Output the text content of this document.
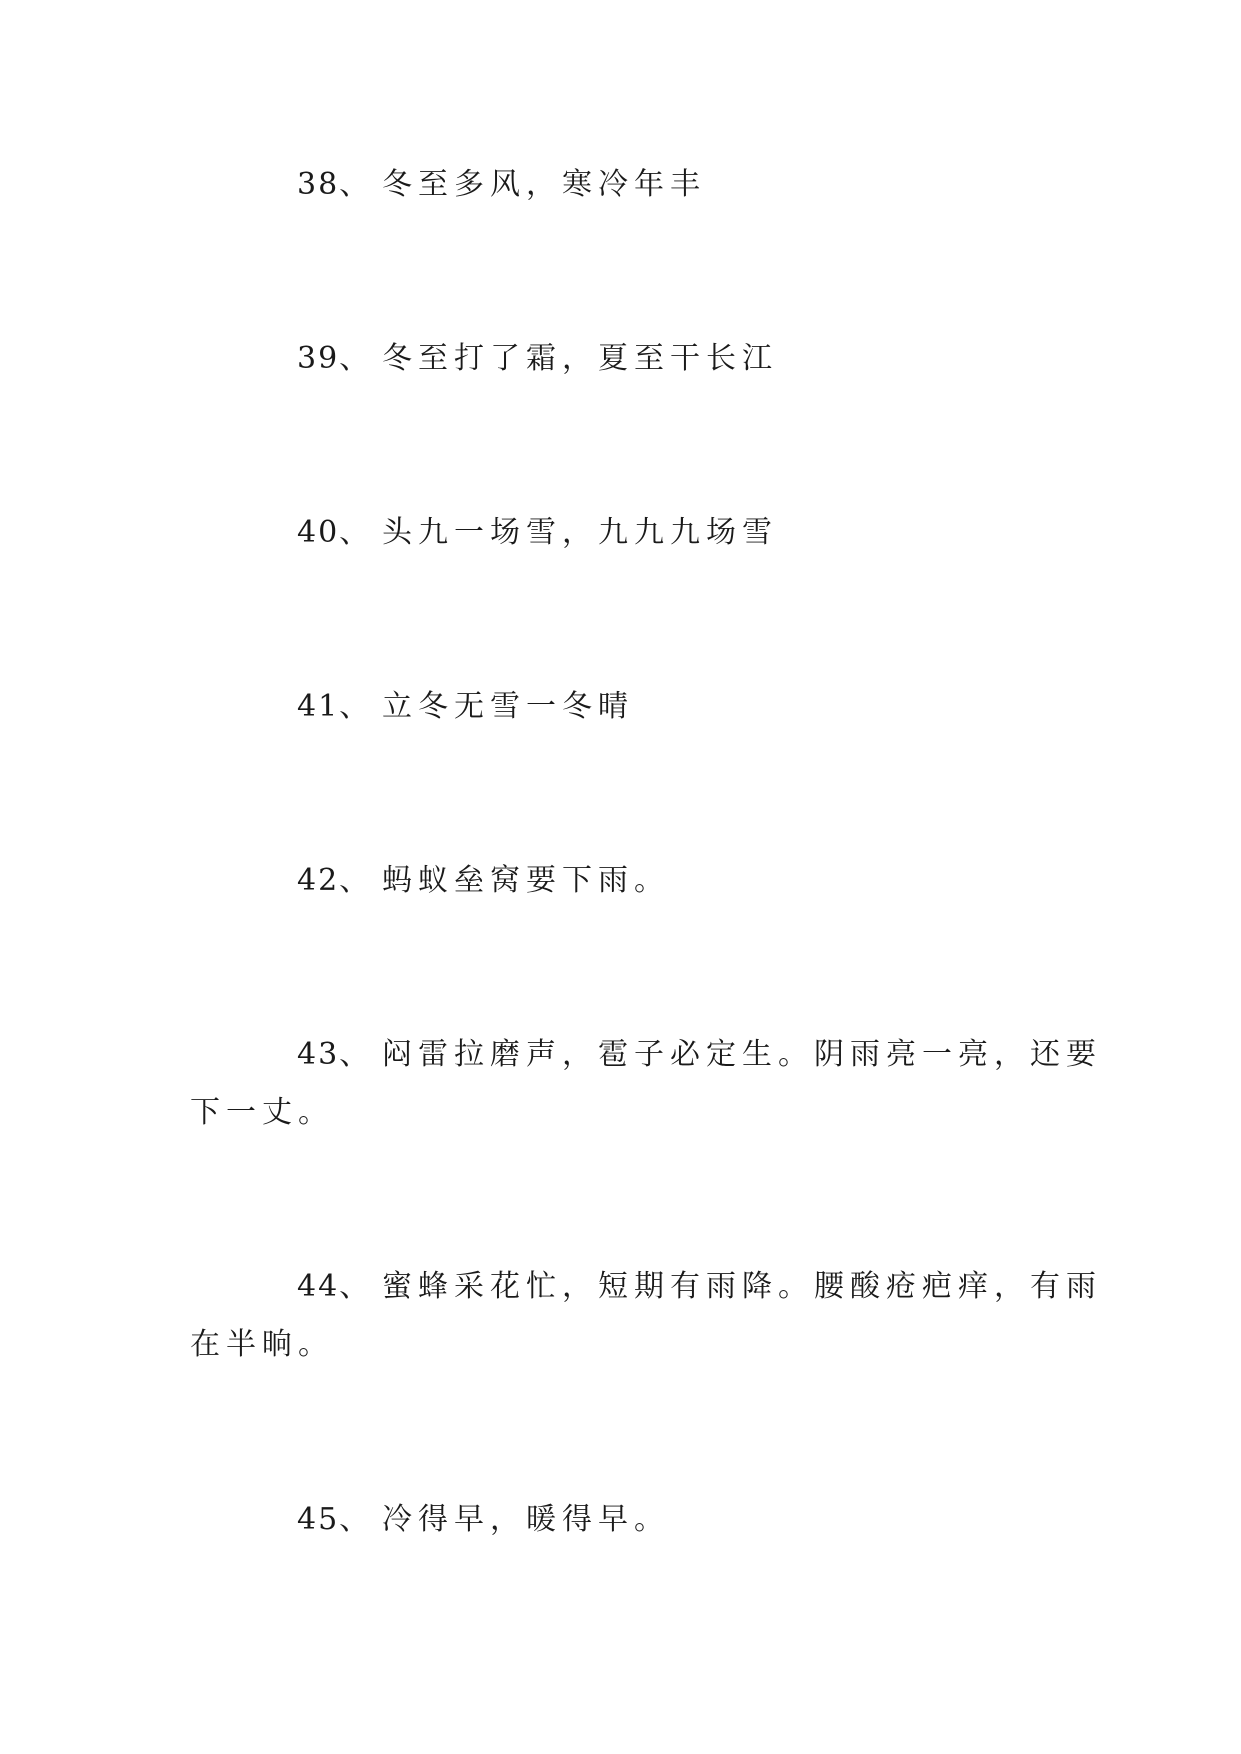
38、 冬至多风，寒冷年丰
39、 冬至打了霜，夏至干长江
40、 头九一场雪，九九九场雪
41、 立冬无雪一冬晴
42、 蚂蚁垒窝要下雨。
43、 闷雷拉磨声，雹子必定生。阴雨亮一亮，还要
下一丈。
44、 蜜蜂采花忙，短期有雨降。腰酸疮疤痒，有雨
在半晌。
45、 冷得早，暖得早。
